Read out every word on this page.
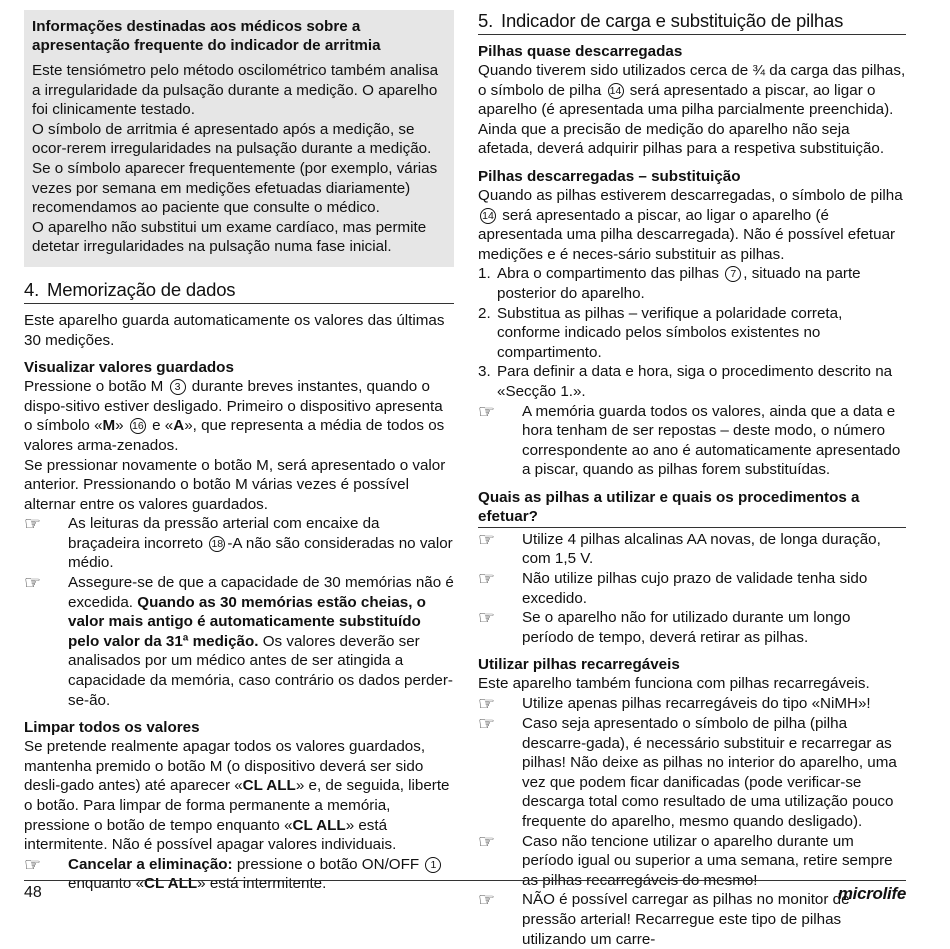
Informações destinadas aos médicos sobre a apresentação frequente do indicador de arritmia

Este tensiómetro pelo método oscilométrico também analisa a irregularidade da pulsação durante a medição. O aparelho foi clinicamente testado.

O símbolo de arritmia é apresentado após a medição, se ocor-rerem irregularidades na pulsação durante a medição. Se o símbolo aparecer frequentemente (por exemplo, várias vezes por semana em medições efetuadas diariamente) recomendamos ao paciente que consulte o médico.

O aparelho não substitui um exame cardíaco, mas permite detetar irregularidades na pulsação numa fase inicial.

4. Memorização de dados

Este aparelho guarda automaticamente os valores das últimas 30 medições.

Visualizar valores guardados

Pressione o botão M 3 durante breves instantes, quando o dispo-sitivo estiver desligado. Primeiro o dispositivo apresenta o símbolo «M» 16 e «A», que representa a média de todos os valores arma-zenados.

Se pressionar novamente o botão M, será apresentado o valor anterior. Pressionando o botão M várias vezes é possível alternar entre os valores guardados.

☞	As leituras da pressão arterial com encaixe da braçadeira incorreto 18 -A não são consideradas no valor médio.
☞	Assegure-se de que a capacidade de 30 memórias não é excedida. Quando as 30 memórias estão cheias, o valor mais antigo é automaticamente substituído pelo valor da 31ª medição. Os valores deverão ser analisados por um médico antes de ser atingida a capacidade da memória, caso contrário os dados perder-se-ão.
Limpar todos os valores

Se pretende realmente apagar todos os valores guardados, mantenha premido o botão M (o dispositivo deverá ser sido desli-gado antes) até aparecer «CL ALL» e, de seguida, liberte o botão. Para limpar de forma permanente a memória, pressione o botão de tempo enquanto «CL ALL» está intermitente. Não é possível apagar valores individuais.

☞	Cancelar a eliminação: pressione o botão ON/OFF 1
enquanto «CL ALL» está intermitente.
5. Indicador de carga e substituição de pilhas
Pilhas quase descarregadas

Quando tiverem sido utilizados cerca de ¾ da carga das pilhas, o símbolo de pilha 14 será apresentado a piscar, ao ligar o aparelho (é apresentada uma pilha parcialmente preenchida). Ainda que a precisão de medição do aparelho não seja afetada, deverá adquirir pilhas para a respetiva substituição.

Pilhas descarregadas – substituição

Quando as pilhas estiverem descarregadas, o símbolo de pilha 14 será apresentado a piscar, ao ligar o aparelho (é apresentada uma pilha descarregada). Não é possível efetuar medições e é neces-sário substituir as pilhas.

1. Abra o compartimento das pilhas 7 , situado na parte posterior do aparelho.
2. Substitua as pilhas – verifique a polaridade correta, conforme indicado pelos símbolos existentes no compartimento.
3. Para definir a data e hora, siga o procedimento descrito na «Secção 1.».
☞	A memória guarda todos os valores, ainda que a data e hora tenham de ser repostas – deste modo, o número correspondente ao ano é automaticamente apresentado a piscar, quando as pilhas forem substituídas.
Quais as pilhas a utilizar e quais os procedimentos a efetuar?
☞	Utilize 4 pilhas alcalinas AA novas, de longa duração, com 1,5 V.
☞	Não utilize pilhas cujo prazo de validade tenha sido excedido.
☞	Se o aparelho não for utilizado durante um longo período de tempo, deverá retirar as pilhas.
Utilizar pilhas recarregáveis

Este aparelho também funciona com pilhas recarregáveis.

☞	Utilize apenas pilhas recarregáveis do tipo «NiMH»!
☞	Caso seja apresentado o símbolo de pilha (pilha descarre-gada), é necessário substituir e recarregar as pilhas! Não deixe as pilhas no interior do aparelho, uma vez que podem ficar danificadas (pode verificar-se descarga total como resultado de uma utilização pouco frequente do aparelho, mesmo quando desligado).
☞	Caso não tencione utilizar o aparelho durante um período igual ou superior a uma semana, retire sempre as pilhas recarregáveis do mesmo!
☞	NÃO é possível carregar as pilhas no monitor de pressão arterial! Recarregue este tipo de pilhas utilizando um carre-
48	microlife
